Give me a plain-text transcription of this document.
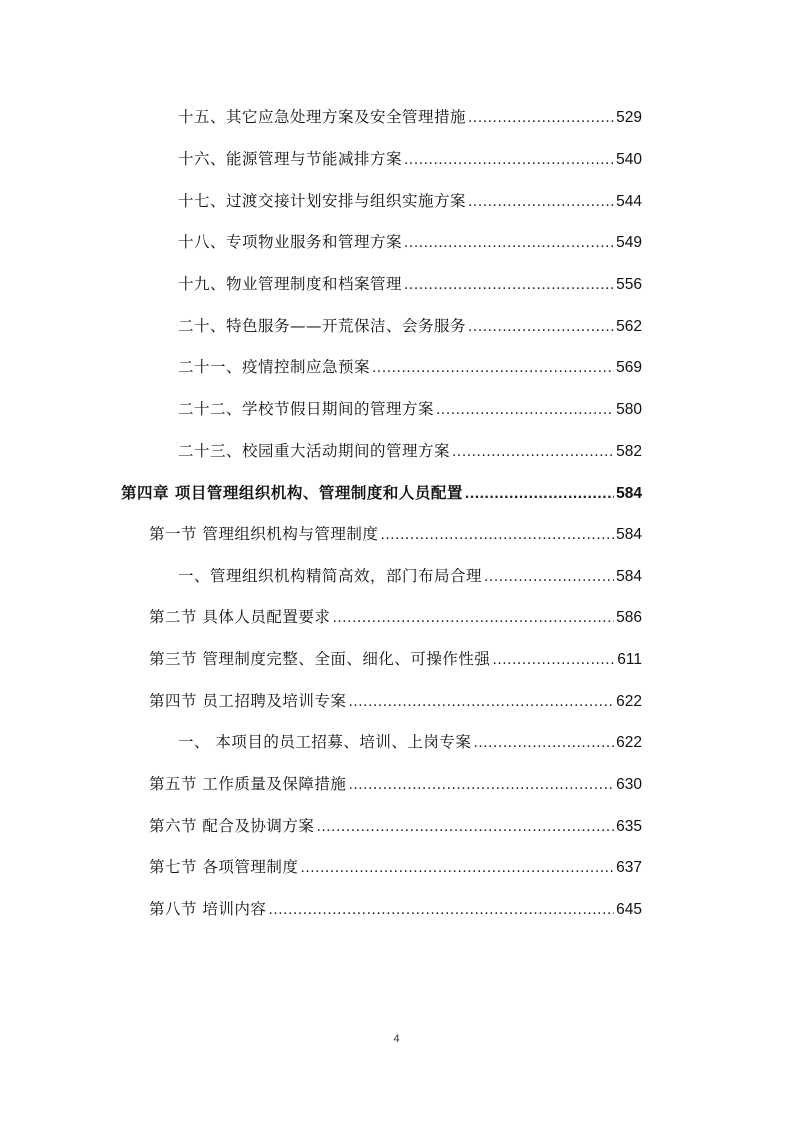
十五、其它应急处理方案及安全管理措施 .....	529
十六、能源管理与节能减排方案 .....	540
十七、过渡交接计划安排与组织实施方案 .....	544
十八、专项物业服务和管理方案 .....	549
十九、物业管理制度和档案管理 .....	556
二十、特色服务——开荒保洁、会务服务 .....	562
二十一、疫情控制应急预案 .....	569
二十二、学校节假日期间的管理方案 .....	580
二十三、校园重大活动期间的管理方案 .....	582
第四章 项目管理组织机构、管理制度和人员配置 .....	584
第一节 管理组织机构与管理制度 .....	584
一、管理组织机构精简高效，部门布局合理 .....	584
第二节 具体人员配置要求 .....	586
第三节 管理制度完整、全面、细化、可操作性强 .....	611
第四节 员工招聘及培训专案 .....	622
一、 本项目的员工招募、培训、上岗专案 .....	622
第五节 工作质量及保障措施 .....	630
第六节 配合及协调方案 .....	635
第七节 各项管理制度 .....	637
第八节 培训内容 .....	645
4
